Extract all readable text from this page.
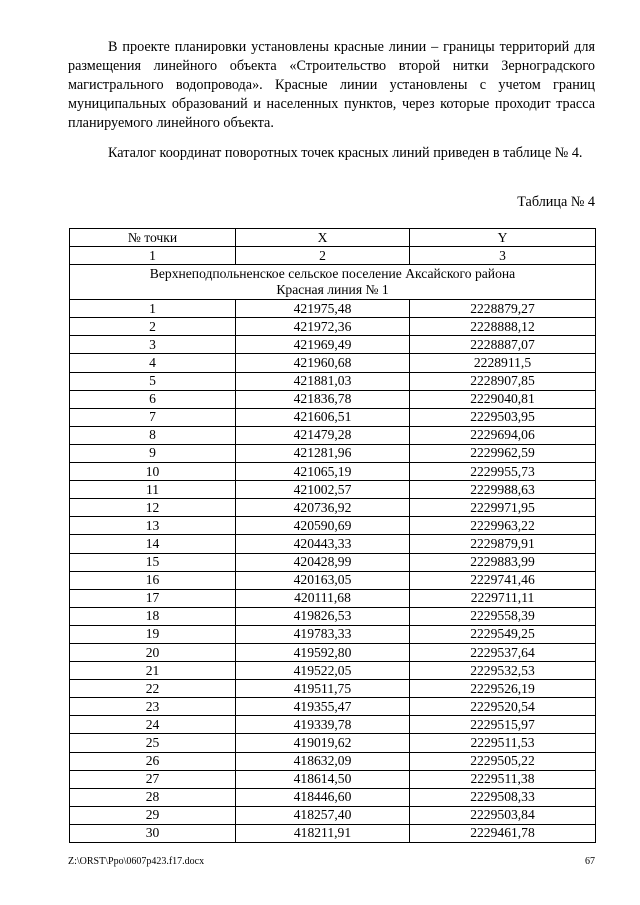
В проекте планировки установлены красные линии – границы территорий для размещения линейного объекта «Строительство второй нитки Зерноградского магистрального водопровода». Красные линии установлены с учетом границ муниципальных образований и населенных пунктов, через которые проходит трасса планируемого линейного объекта.

Каталог координат поворотных точек красных линий приведен в таблице № 4.

Таблица № 4

№ точки	X	Y
1	2	3

Верхнеподпольненское сельское поселение Аксайского района
Красная линия № 1		

1	421975,48	2228879,27
2	421972,36	2228888,12
3	421969,49	2228887,07
4	421960,68	2228911,5
5	421881,03	2228907,85
6	421836,78	2229040,81
7	421606,51	2229503,95
8	421479,28	2229694,06
9	421281,96	2229962,59
10	421065,19	2229955,73
11	421002,57	2229988,63
12	420736,92	2229971,95
13	420590,69	2229963,22
14	420443,33	2229879,91
15	420428,99	2229883,99
16	420163,05	2229741,46
17	420111,68	2229711,11
18	419826,53	2229558,39
19	419783,33	2229549,25
20	419592,80	2229537,64
21	419522,05	2229532,53
22	419511,75	2229526,19
23	419355,47	2229520,54
24	419339,78	2229515,97
25	419019,62	2229511,53
26	418632,09	2229505,22
27	418614,50	2229511,38
28	418446,60	2229508,33
29	418257,40	2229503,84
30	418211,91	2229461,78
Z:\ORST\Ppo\0607p423.f17.docx	67
